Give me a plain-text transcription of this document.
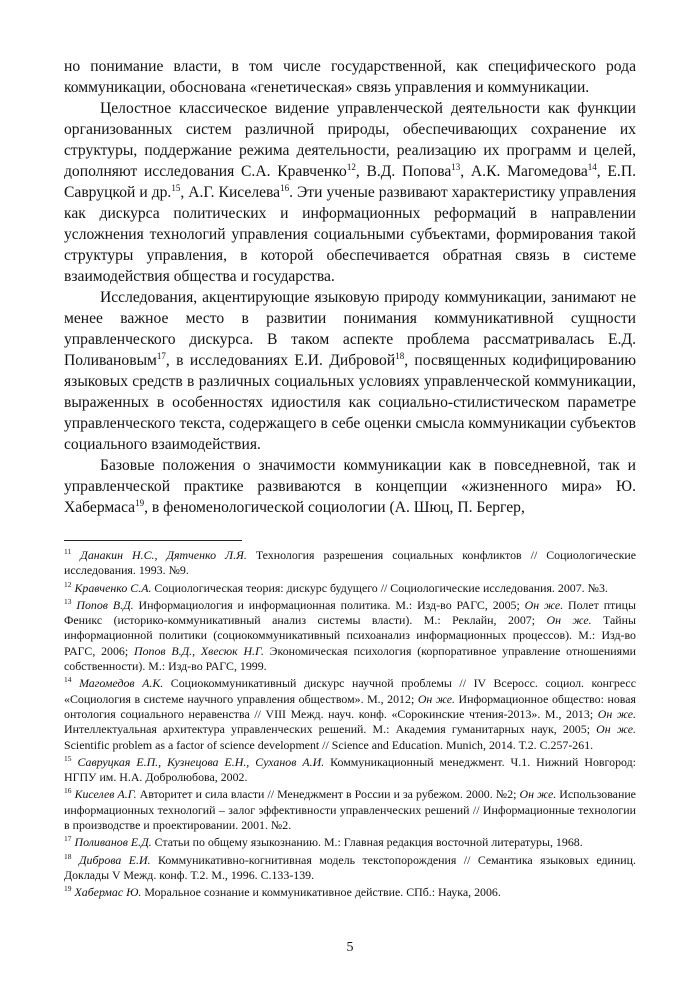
но понимание власти, в том числе государственной, как специфического рода коммуникации, обоснована «генетическая» связь управления и коммуникации.

Целостное классическое видение управленческой деятельности как функции организованных систем различной природы, обеспечивающих сохранение их структуры, поддержание режима деятельности, реализацию их программ и целей, дополняют исследования С.А. Кравченко$^{12}$, В.Д. Попова$^{13}$, А.К. Магомедова$^{14}$, Е.П. Савруцкой и др.$^{15}$, А.Г. Киселева$^{16}$. Эти ученые развивают характеристику управления как дискурса политических и информационных реформаций в направлении усложнения технологий управления социальными субъектами, формирования такой структуры управления, в которой обеспечивается обратная связь в системе взаимодействия общества и государства.

Исследования, акцентирующие языковую природу коммуникации, занимают не менее важное место в развитии понимания коммуникативной сущности управленческого дискурса. В таком аспекте проблема рассматривалась Е.Д. Поливановым$^{17}$, в исследованиях Е.И. Дибровой$^{18}$, посвященных кодифицированию языковых средств в различных социальных условиях управленческой коммуникации, выраженных в особенностях идиостиля как социально-стилистическом параметре управленческого текста, содержащего в себе оценки смысла коммуникации субъектов социального взаимодействия.

Базовые положения о значимости коммуникации как в повседневной, так и управленческой практике развиваются в концепции «жизненного мира» Ю. Хабермаса$^{19}$, в феноменологической социологии (А. Шюц, П. Бергер,

$^{11}$ Данакин Н.С., Дятченко Л.Я. Технология разрешения социальных конфликтов // Социологические исследования. 1993. №9.
$^{12}$ Кравченко С.А. Социологическая теория: дискурс будущего // Социологические исследования. 2007. №3.
$^{13}$ Попов В.Д. Информациология и информационная политика. М.: Изд-во РАГС, 2005; Он же. Полет птицы Феникс (историко-коммуникативный анализ системы власти). М.: Реклайн, 2007; Он же. Тайны информационной политики (социокоммуникативный психоанализ информационных процессов). М.: Изд-во РАГС, 2006; Попов В.Д., Хвесюк Н.Г. Экономическая психология (корпоративное управление отношениями собственности). М.: Изд-во РАГС, 1999.
$^{14}$ Магомедов А.К. Социокоммуникативный дискурс научной проблемы // IV Всеросс. социол. конгресс «Социология в системе научного управления обществом». М., 2012; Он же. Информационное общество: новая онтология социального неравенства // VIII Межд. науч. конф. «Сорокинские чтения-2013». М., 2013; Он же. Интеллектуальная архитектура управленческих решений. М.: Академия гуманитарных наук, 2005; Он же. Scientific problem as a factor of science development // Science and Education. Munich, 2014. Т.2. С.257-261.
$^{15}$ Савруцкая Е.П., Кузнецова Е.Н., Суханов А.И. Коммуникационный менеджмент. Ч.1. Нижний Новгород: НГПУ им. Н.А. Добролюбова, 2002.
$^{16}$ Киселев А.Г. Авторитет и сила власти // Менеджмент в России и за рубежом. 2000. №2; Он же. Использование информационных технологий – залог эффективности управленческих решений // Информационные технологии в производстве и проектировании. 2001. №2.
$^{17}$ Поливанов Е.Д. Статьи по общему языкознанию. М.: Главная редакция восточной литературы, 1968.
$^{18}$ Диброва Е.И. Коммуникативно-когнитивная модель текстопорождения // Семантика языковых единиц. Доклады V Межд. конф. Т.2. М., 1996. С.133-139.
$^{19}$ Хабермас Ю. Моральное сознание и коммуникативное действие. СПб.: Наука, 2006.
5
